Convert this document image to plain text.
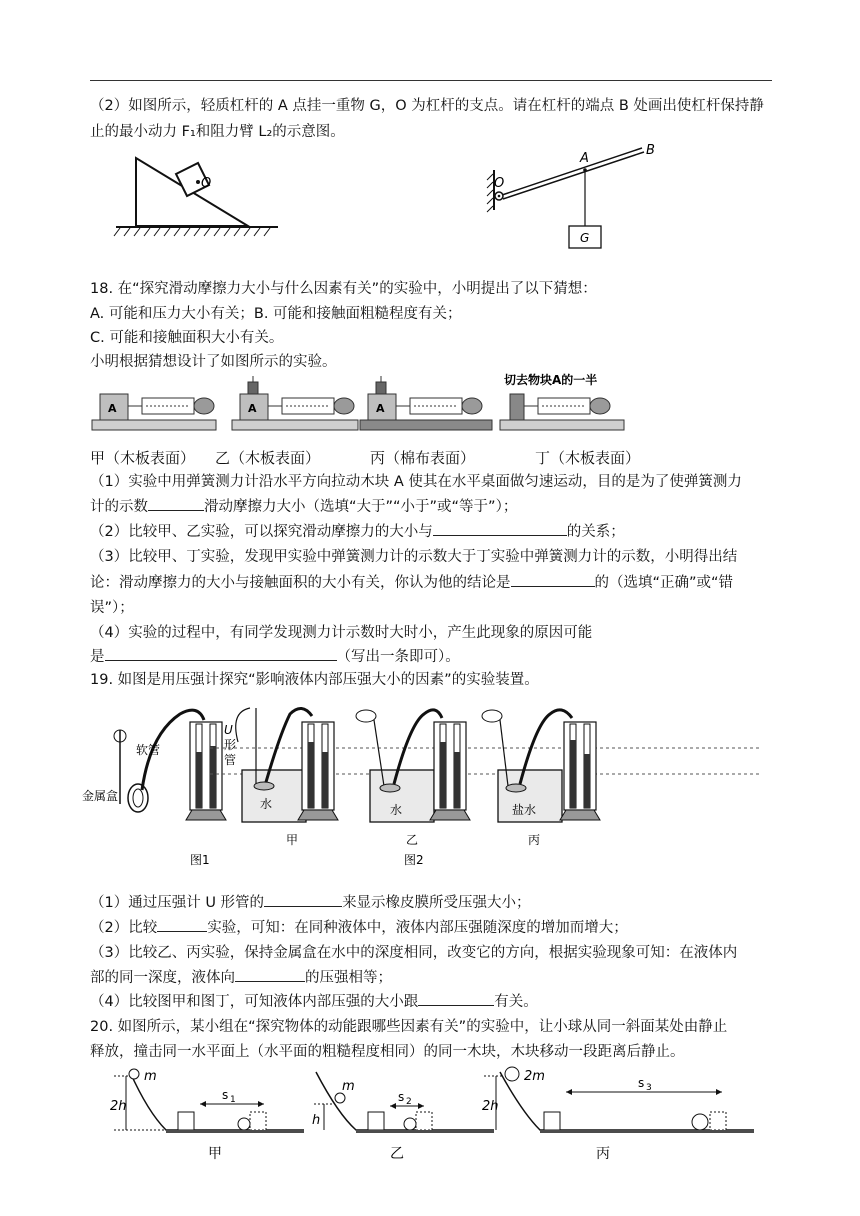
（2）如图所示，轻质杠杆的 A 点挂一重物 G，O 为杠杆的支点。请在杠杆的端点 B 处画出使杠杆保持静
止的最小动力 F₁和阻力臂 L₂的示意图。
O
G
O
A
B
18. 在“探究滑动摩擦力大小与什么因素有关”的实验中，小明提出了以下猜想：
A. 可能和压力大小有关；B. 可能和接触面粗糙程度有关；
C. 可能和接触面积大小有关。
小明根据猜想设计了如图所示的实验。
A	A	A
切去物块A的一半
甲（木板表面） 乙（木板表面）	丙（棉布表面）	丁（木板表面）
（1）实验中用弹簧测力计沿水平方向拉动木块 A 使其在水平桌面做匀速运动，目的是为了使弹簧测力
计的示数	滑动摩擦力大小（选填“大于”“小于”或“等于”）；
（2）比较甲、乙实验，可以探究滑动摩擦力的大小与	的关系；
（3）比较甲、丁实验，发现甲实验中弹簧测力计的示数大于丁实验中弹簧测力计的示数，小明得出结
论：滑动摩擦力的大小与接触面积的大小有关，你认为他的结论是	的（选填“正确”或“错
误”）；
（4）实验的过程中，有同学发现测力计示数时大时小，产生此现象的原因可能
是	（写出一条即可）。
19. 如图是用压强计探究“影响液体内部压强大小的因素”的实验装置。
软管
金属盒
图1
U
形
管
水
甲
水
乙
图2
盐水
丙
（1）通过压强计 U 形管的	来显示橡皮膜所受压强大小；
（2）比较	实验，可知：在同种液体中，液体内部压强随深度的增加而增大；
（3）比较乙、丙实验，保持金属盒在水中的深度相同，改变它的方向，根据实验现象可知：在液体内
部的同一深度，液体向	的压强相等；
（4）比较图甲和图丁，可知液体内部压强的大小跟	有关。
20. 如图所示，某小组在“探究物体的动能跟哪些因素有关”的实验中，让小球从同一斜面某处由静止
释放，撞击同一水平面上（水平面的粗糙程度相同）的同一木块，木块移动一段距离后静止。
m
2h
s 1
甲
m
h
s 2
乙
2m
2h
s 3
丙
